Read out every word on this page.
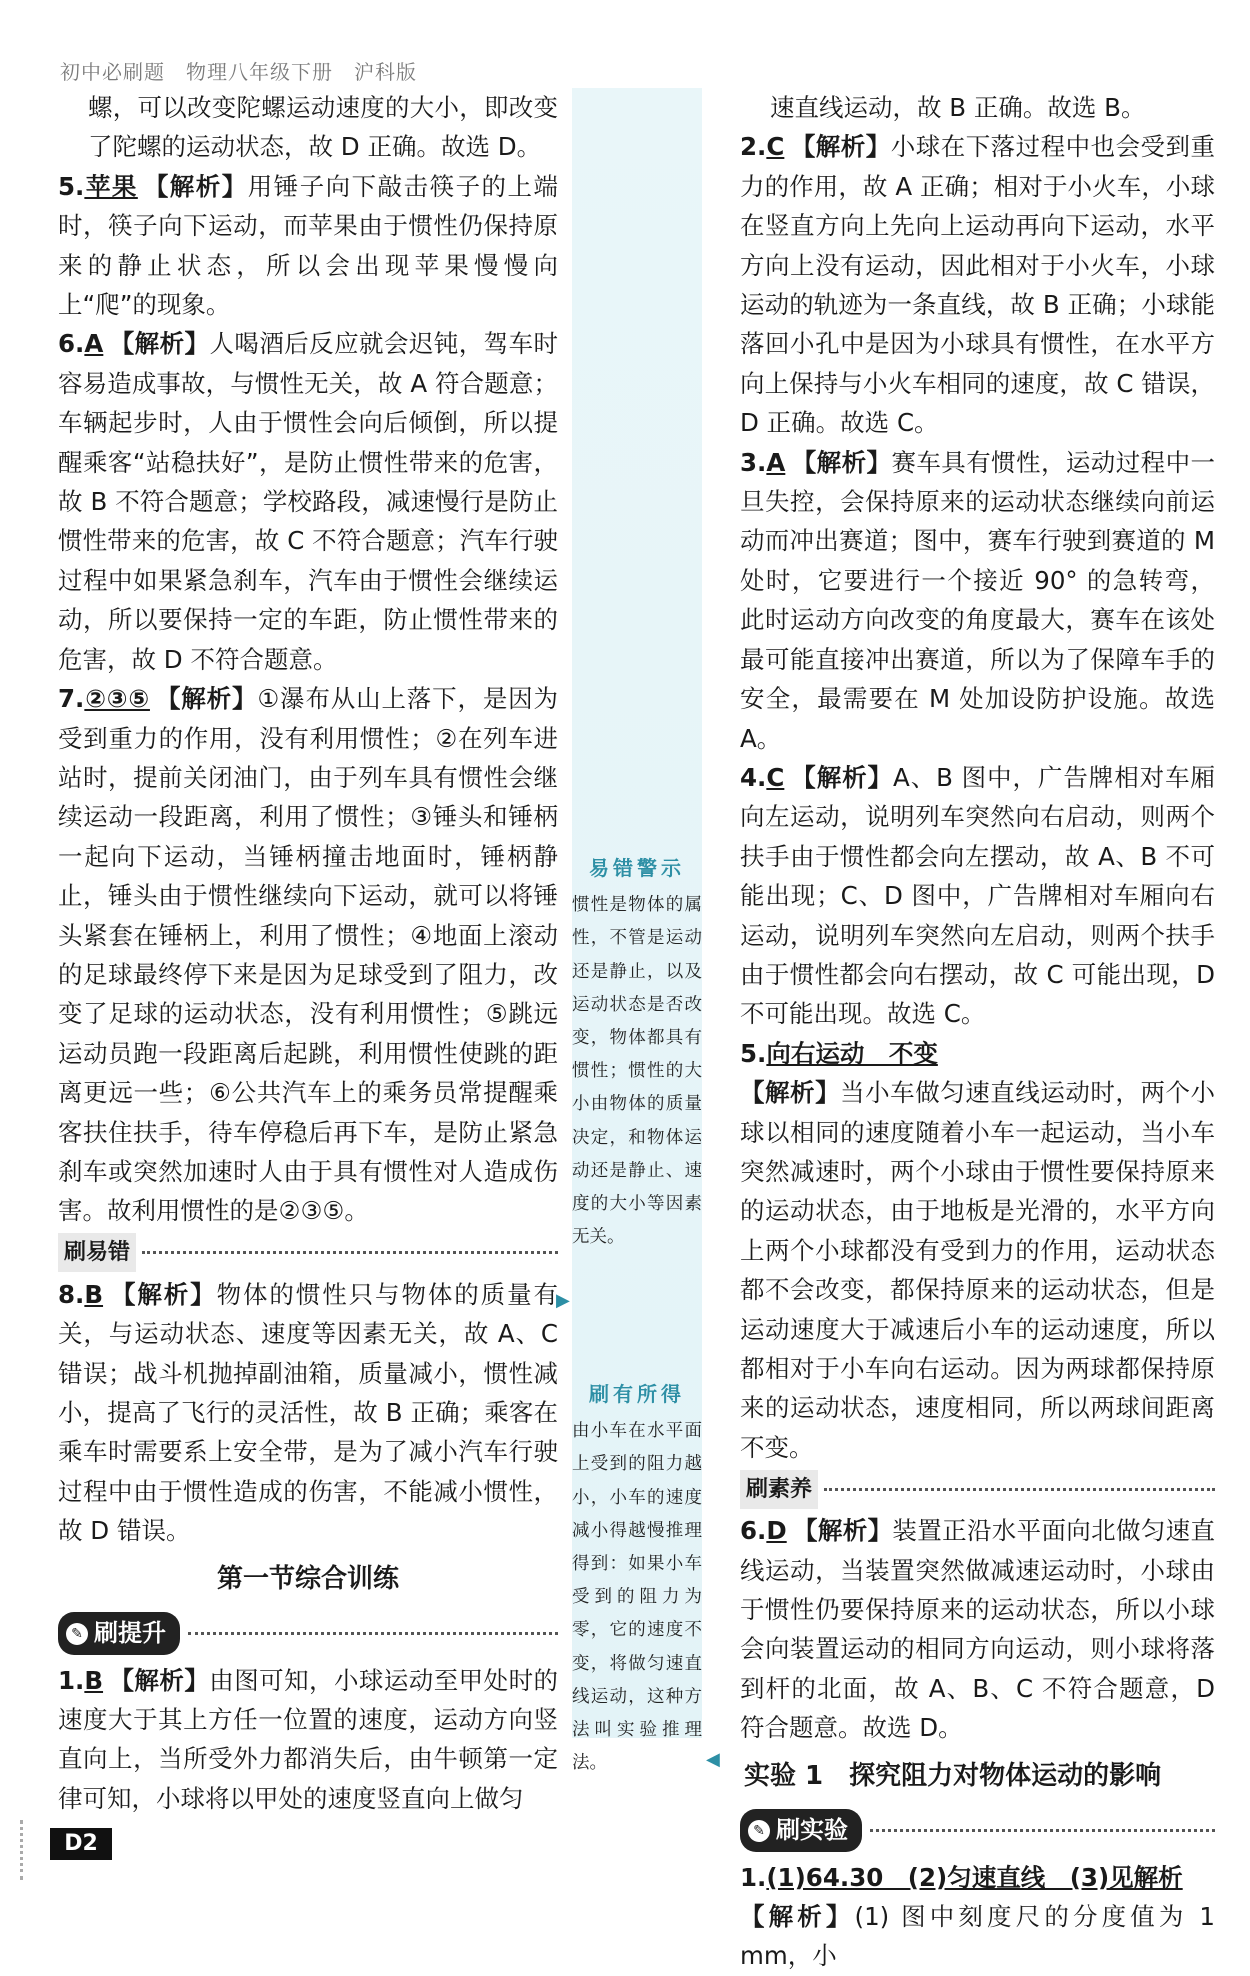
初中必刷题　物理八年级下册　沪科版

螺，可以改变陀螺运动速度的大小，即改变了陀螺的运动状态，故 D 正确。故选 D。

5.苹果 【解析】用锤子向下敲击筷子的上端时，筷子向下运动，而苹果由于惯性仍保持原来的静止状态，所以会出现苹果慢慢向上“爬”的现象。

6.A 【解析】人喝酒后反应就会迟钝，驾车时容易造成事故，与惯性无关，故 A 符合题意；车辆起步时，人由于惯性会向后倾倒，所以提醒乘客“站稳扶好”，是防止惯性带来的危害，故 B 不符合题意；学校路段，减速慢行是防止惯性带来的危害，故 C 不符合题意；汽车行驶过程中如果紧急刹车，汽车由于惯性会继续运动，所以要保持一定的车距，防止惯性带来的危害，故 D 不符合题意。

7.②③⑤ 【解析】①瀑布从山上落下，是因为受到重力的作用，没有利用惯性；②在列车进站时，提前关闭油门，由于列车具有惯性会继续运动一段距离，利用了惯性；③锤头和锤柄一起向下运动，当锤柄撞击地面时，锤柄静止，锤头由于惯性继续向下运动，就可以将锤头紧套在锤柄上，利用了惯性；④地面上滚动的足球最终停下来是因为足球受到了阻力，改变了足球的运动状态，没有利用惯性；⑤跳远运动员跑一段距离后起跳，利用惯性使跳的距离更远一些；⑥公共汽车上的乘务员常提醒乘客扶住扶手，待车停稳后再下车，是防止紧急刹车或突然加速时人由于具有惯性对人造成伤害。故利用惯性的是②③⑤。

刷易错

8.B 【解析】物体的惯性只与物体的质量有关，与运动状态、速度等因素无关，故 A、C 错误；战斗机抛掉副油箱，质量减小，惯性减小，提高了飞行的灵活性，故 B 正确；乘客在乘车时需要系上安全带，是为了减小汽车行驶过程中由于惯性造成的伤害，不能减小惯性，故 D 错误。

第一节综合训练
✎ 刷提升

1.B 【解析】由图可知，小球运动至甲处时的速度大于其上方任一位置的速度，运动方向竖直向上，当所受外力都消失后，由牛顿第一定律可知，小球将以甲处的速度竖直向上做匀

易错警示
惯性是物体的属性，不管是运动还是静止，以及运动状态是否改变，物体都具有惯性；惯性的大小由物体的质量决定，和物体运动还是静止、速度的大小等因素无关。
▶
刷有所得
由小车在水平面上受到的阻力越小，小车的速度减小得越慢推理得到：如果小车受到的阻力为零，它的速度不变，将做匀速直线运动，这种方法叫实验推理法。	◀

速直线运动，故 B 正确。故选 B。

2.C 【解析】小球在下落过程中也会受到重力的作用，故 A 正确；相对于小火车，小球在竖直方向上先向上运动再向下运动，水平方向上没有运动，因此相对于小火车，小球运动的轨迹为一条直线，故 B 正确；小球能落回小孔中是因为小球具有惯性，在水平方向上保持与小火车相同的速度，故 C 错误，D 正确。故选 C。

3.A 【解析】赛车具有惯性，运动过程中一旦失控，会保持原来的运动状态继续向前运动而冲出赛道；图中，赛车行驶到赛道的 M 处时，它要进行一个接近 90° 的急转弯，此时运动方向改变的角度最大，赛车在该处最可能直接冲出赛道，所以为了保障车手的安全，最需要在 M 处加设防护设施。故选 A。

4.C 【解析】A、B 图中，广告牌相对车厢向左运动，说明列车突然向右启动，则两个扶手由于惯性都会向左摆动，故 A、B 不可能出现；C、D 图中，广告牌相对车厢向右运动，说明列车突然向左启动，则两个扶手由于惯性都会向右摆动，故 C 可能出现，D 不可能出现。故选 C。

5.向右运动　不变

【解析】当小车做匀速直线运动时，两个小球以相同的速度随着小车一起运动，当小车突然减速时，两个小球由于惯性要保持原来的运动状态，由于地板是光滑的，水平方向上两个小球都没有受到力的作用，运动状态都不会改变，都保持原来的运动状态，但是运动速度大于减速后小车的运动速度，所以都相对于小车向右运动。因为两球都保持原来的运动状态，速度相同，所以两球间距离不变。

刷素养

6.D 【解析】装置正沿水平面向北做匀速直线运动，当装置突然做减速运动时，小球由于惯性仍要保持原来的运动状态，所以小球会向装置运动的相同方向运动，则小球将落到杆的北面，故 A、B、C 不符合题意，D 符合题意。故选 D。

实验 1　探究阻力对物体运动的影响
✎ 刷实验

1.(1)64.30　(2)匀速直线　(3)见解析

【解析】(1) 图中刻度尺的分度值为 1 mm，小

D2
